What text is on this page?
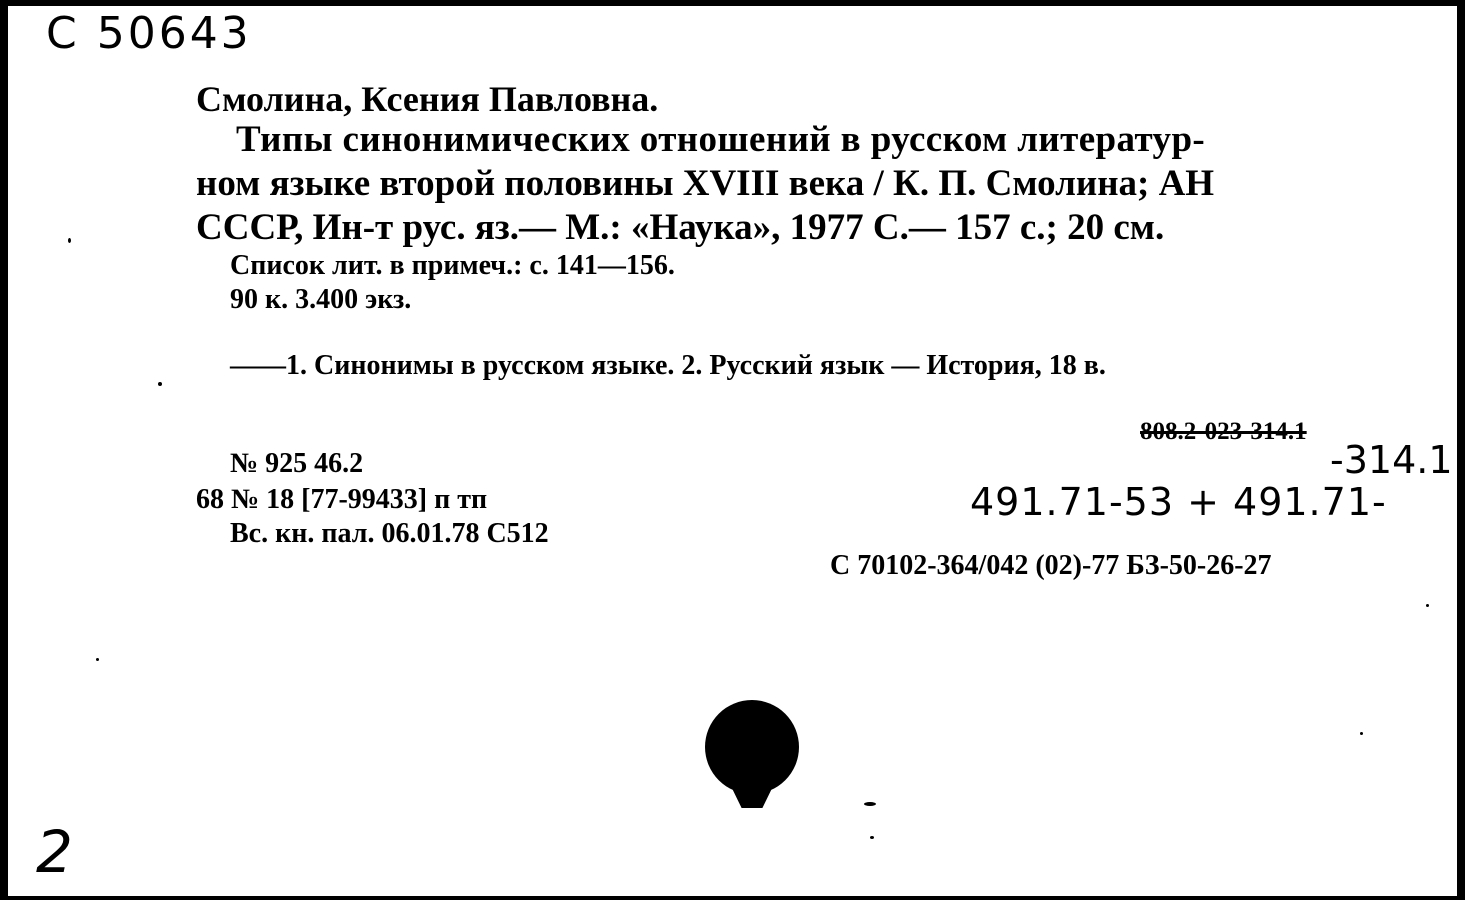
C 50643
Смолина, Ксения Павловна.
Типы синонимических отношений в русском литератур-
ном языке второй половины XVIII века / К. П. Смолина; АН
СССР, Ин-т рус. яз.— М.: «Наука», 1977 С.— 157 с.; 20 см.
Список лит. в примеч.: с. 141—156.
90 к. 3.400 экз.
——1. Синонимы в русском языке. 2. Русский язык — История, 18 в.
808.2-023-314.1
-314.1
491.71-53 + 491.71-
№ 925 46.2
68 № 18 [77-99433] п тп
Вс. кн. пал. 06.01.78 С512
С 70102-364/042 (02)-77 БЗ-50-26-27
2
